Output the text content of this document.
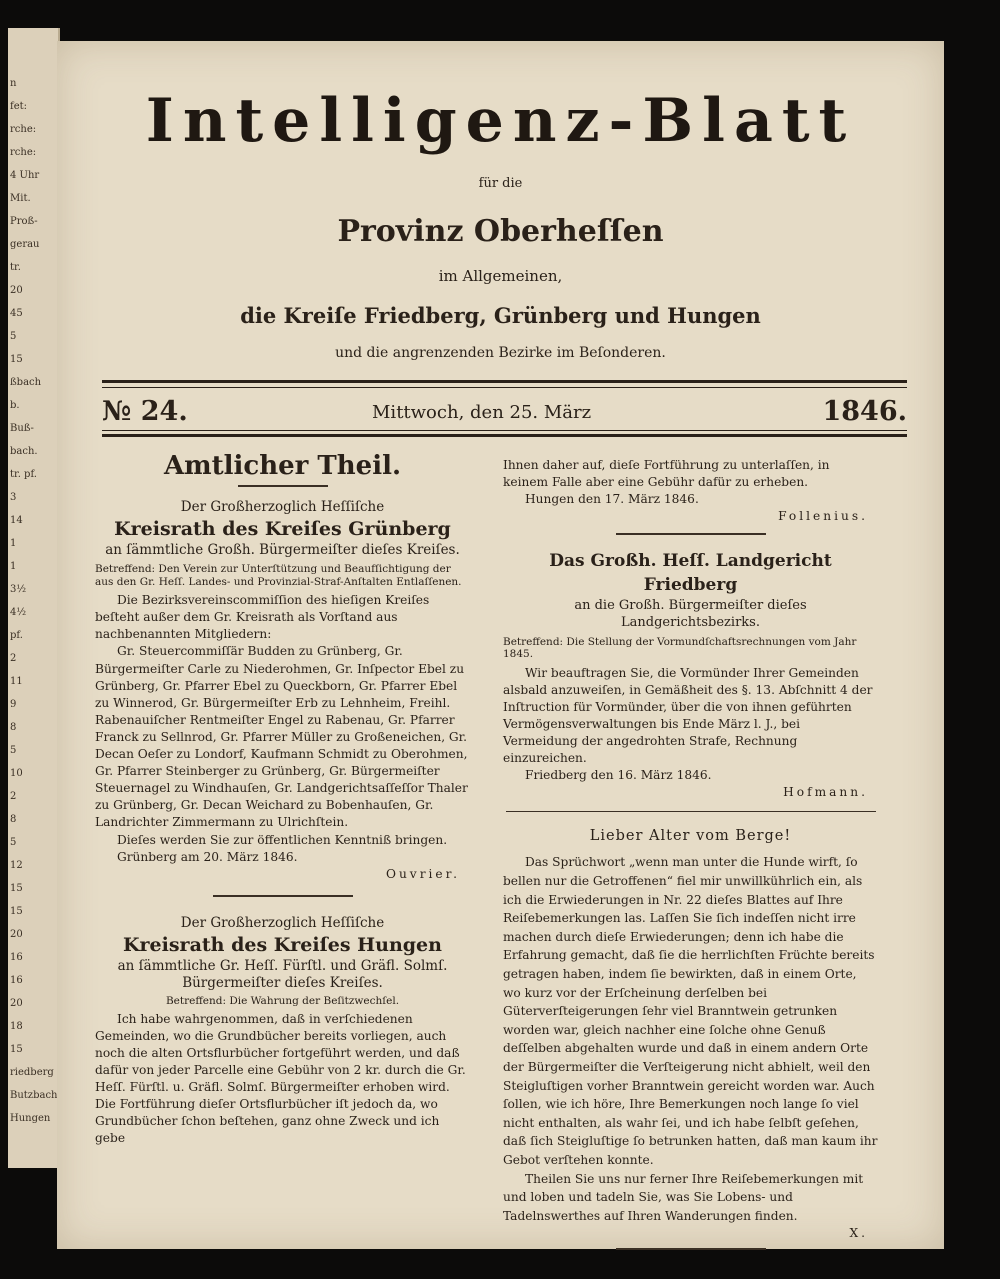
n
fet:
rche:
rche:
4 Uhr
Mit.
Proß-
gerau
tr.
20
45
5
15
ßbach
b.
Buß-
bach.
tr. pf.
3
14
1
1
3½
4½
pf.
2
11
9
8
5
10
2
8
5
12
15
15
20
16
16
20
18
15
riedberg
Butzbach
Hungen
Intelligenz-Blatt
für die
Provinz Oberheſſen
im Allgemeinen,
die Kreiſe Friedberg, Grünberg und Hungen
und die angrenzenden Bezirke im Beſonderen.
№ 24.	Mittwoch, den 25. März	1846.

Amtlicher Theil.

Der Großherzoglich Heſſiſche

Kreisrath des Kreiſes Grünberg

an ſämmtliche Großh. Bürgermeiſter dieſes Kreiſes.

Betreffend: Den Verein zur Unterſtützung und Beaufſichtigung der aus den Gr. Heſſ. Landes- und Provinzial-Straf-Anſtalten Entlaſſenen.

Die Bezirksvereinscommiſſion des hieſigen Kreiſes beſteht außer dem Gr. Kreisrath als Vorſtand aus nachbenannten Mitgliedern:

Gr. Steuercommiſſär Budden zu Grünberg, Gr. Bürgermeiſter Carle zu Niederohmen, Gr. Inſpector Ebel zu Grünberg, Gr. Pfarrer Ebel zu Queckborn, Gr. Pfarrer Ebel zu Winnerod, Gr. Bürgermeiſter Erb zu Lehnheim, Freihl. Rabenauiſcher Rentmeiſter Engel zu Rabenau, Gr. Pfarrer Franck zu Sellnrod, Gr. Pfarrer Müller zu Großeneichen, Gr. Decan Oeſer zu Londorf, Kaufmann Schmidt zu Oberohmen, Gr. Pfarrer Steinberger zu Grünberg, Gr. Bürgermeiſter Steuernagel zu Windhauſen, Gr. Landgerichtsaſſeſſor Thaler zu Grünberg, Gr. Decan Weichard zu Bobenhauſen, Gr. Landrichter Zimmermann zu Ulrichſtein.

Dieſes werden Sie zur öffentlichen Kenntniß bringen.

Grünberg am 20. März 1846.

Ouvrier.

Der Großherzoglich Heſſiſche

Kreisrath des Kreiſes Hungen

an ſämmtliche Gr. Heſſ. Fürſtl. und Gräfl. Solmſ.

Bürgermeiſter dieſes Kreiſes.

Betreffend: Die Wahrung der Beſitzwechſel.

Ich habe wahrgenommen, daß in verſchiedenen Gemeinden, wo die Grundbücher bereits vorliegen, auch noch die alten Ortsflurbücher fortgeführt werden, und daß dafür von jeder Parcelle eine Gebühr von 2 kr. durch die Gr. Heſſ. Fürſtl. u. Gräfl. Solmſ. Bürgermeiſter erhoben wird. Die Fortführung dieſer Ortsflurbücher iſt jedoch da, wo Grundbücher ſchon beſtehen, ganz ohne Zweck und ich gebe

Ihnen daher auf, dieſe Fortführung zu unterlaſſen, in keinem Falle aber eine Gebühr dafür zu erheben.

Hungen den 17. März 1846.

Follenius.

Das Großh. Heſſ. Landgericht Friedberg

an die Großh. Bürgermeiſter dieſes Landgerichtsbezirks.

Betreffend: Die Stellung der Vormundſchaftsrechnungen vom Jahr 1845.

Wir beauftragen Sie, die Vormünder Ihrer Gemeinden alsbald anzuweiſen, in Gemäßheit des §. 13. Abſchnitt 4 der Inſtruction für Vormünder, über die von ihnen geführten Vermögensverwaltungen bis Ende März l. J., bei Vermeidung der angedrohten Strafe, Rechnung einzureichen.

Friedberg den 16. März 1846.

Hofmann.

Lieber Alter vom Berge!

Das Sprüchwort „wenn man unter die Hunde wirft, ſo bellen nur die Getroffenen“ fiel mir unwillkührlich ein, als ich die Erwiederungen in Nr. 22 dieſes Blattes auf Ihre Reiſebemerkungen las. Laſſen Sie ſich indeſſen nicht irre machen durch dieſe Erwiederungen; denn ich habe die Erfahrung gemacht, daß ſie die herrlichſten Früchte bereits getragen haben, indem ſie bewirkten, daß in einem Orte, wo kurz vor der Erſcheinung derſelben bei Güterverſteigerungen ſehr viel Branntwein getrunken worden war, gleich nachher eine ſolche ohne Genuß deſſelben abgehalten wurde und daß in einem andern Orte der Bürgermeiſter die Verſteigerung nicht abhielt, weil den Steigluſtigen vorher Branntwein gereicht worden war. Auch ſollen, wie ich höre, Ihre Bemerkungen noch lange ſo viel nicht enthalten, als wahr ſei, und ich habe ſelbſt geſehen, daß ſich Steigluſtige ſo betrunken hatten, daß man kaum ihr Gebot verſtehen konnte.

Theilen Sie uns nur ferner Ihre Reiſebemerkungen mit und loben und tadeln Sie, was Sie Lobens- und Tadelnswerthes auf Ihren Wanderungen finden.

X.
